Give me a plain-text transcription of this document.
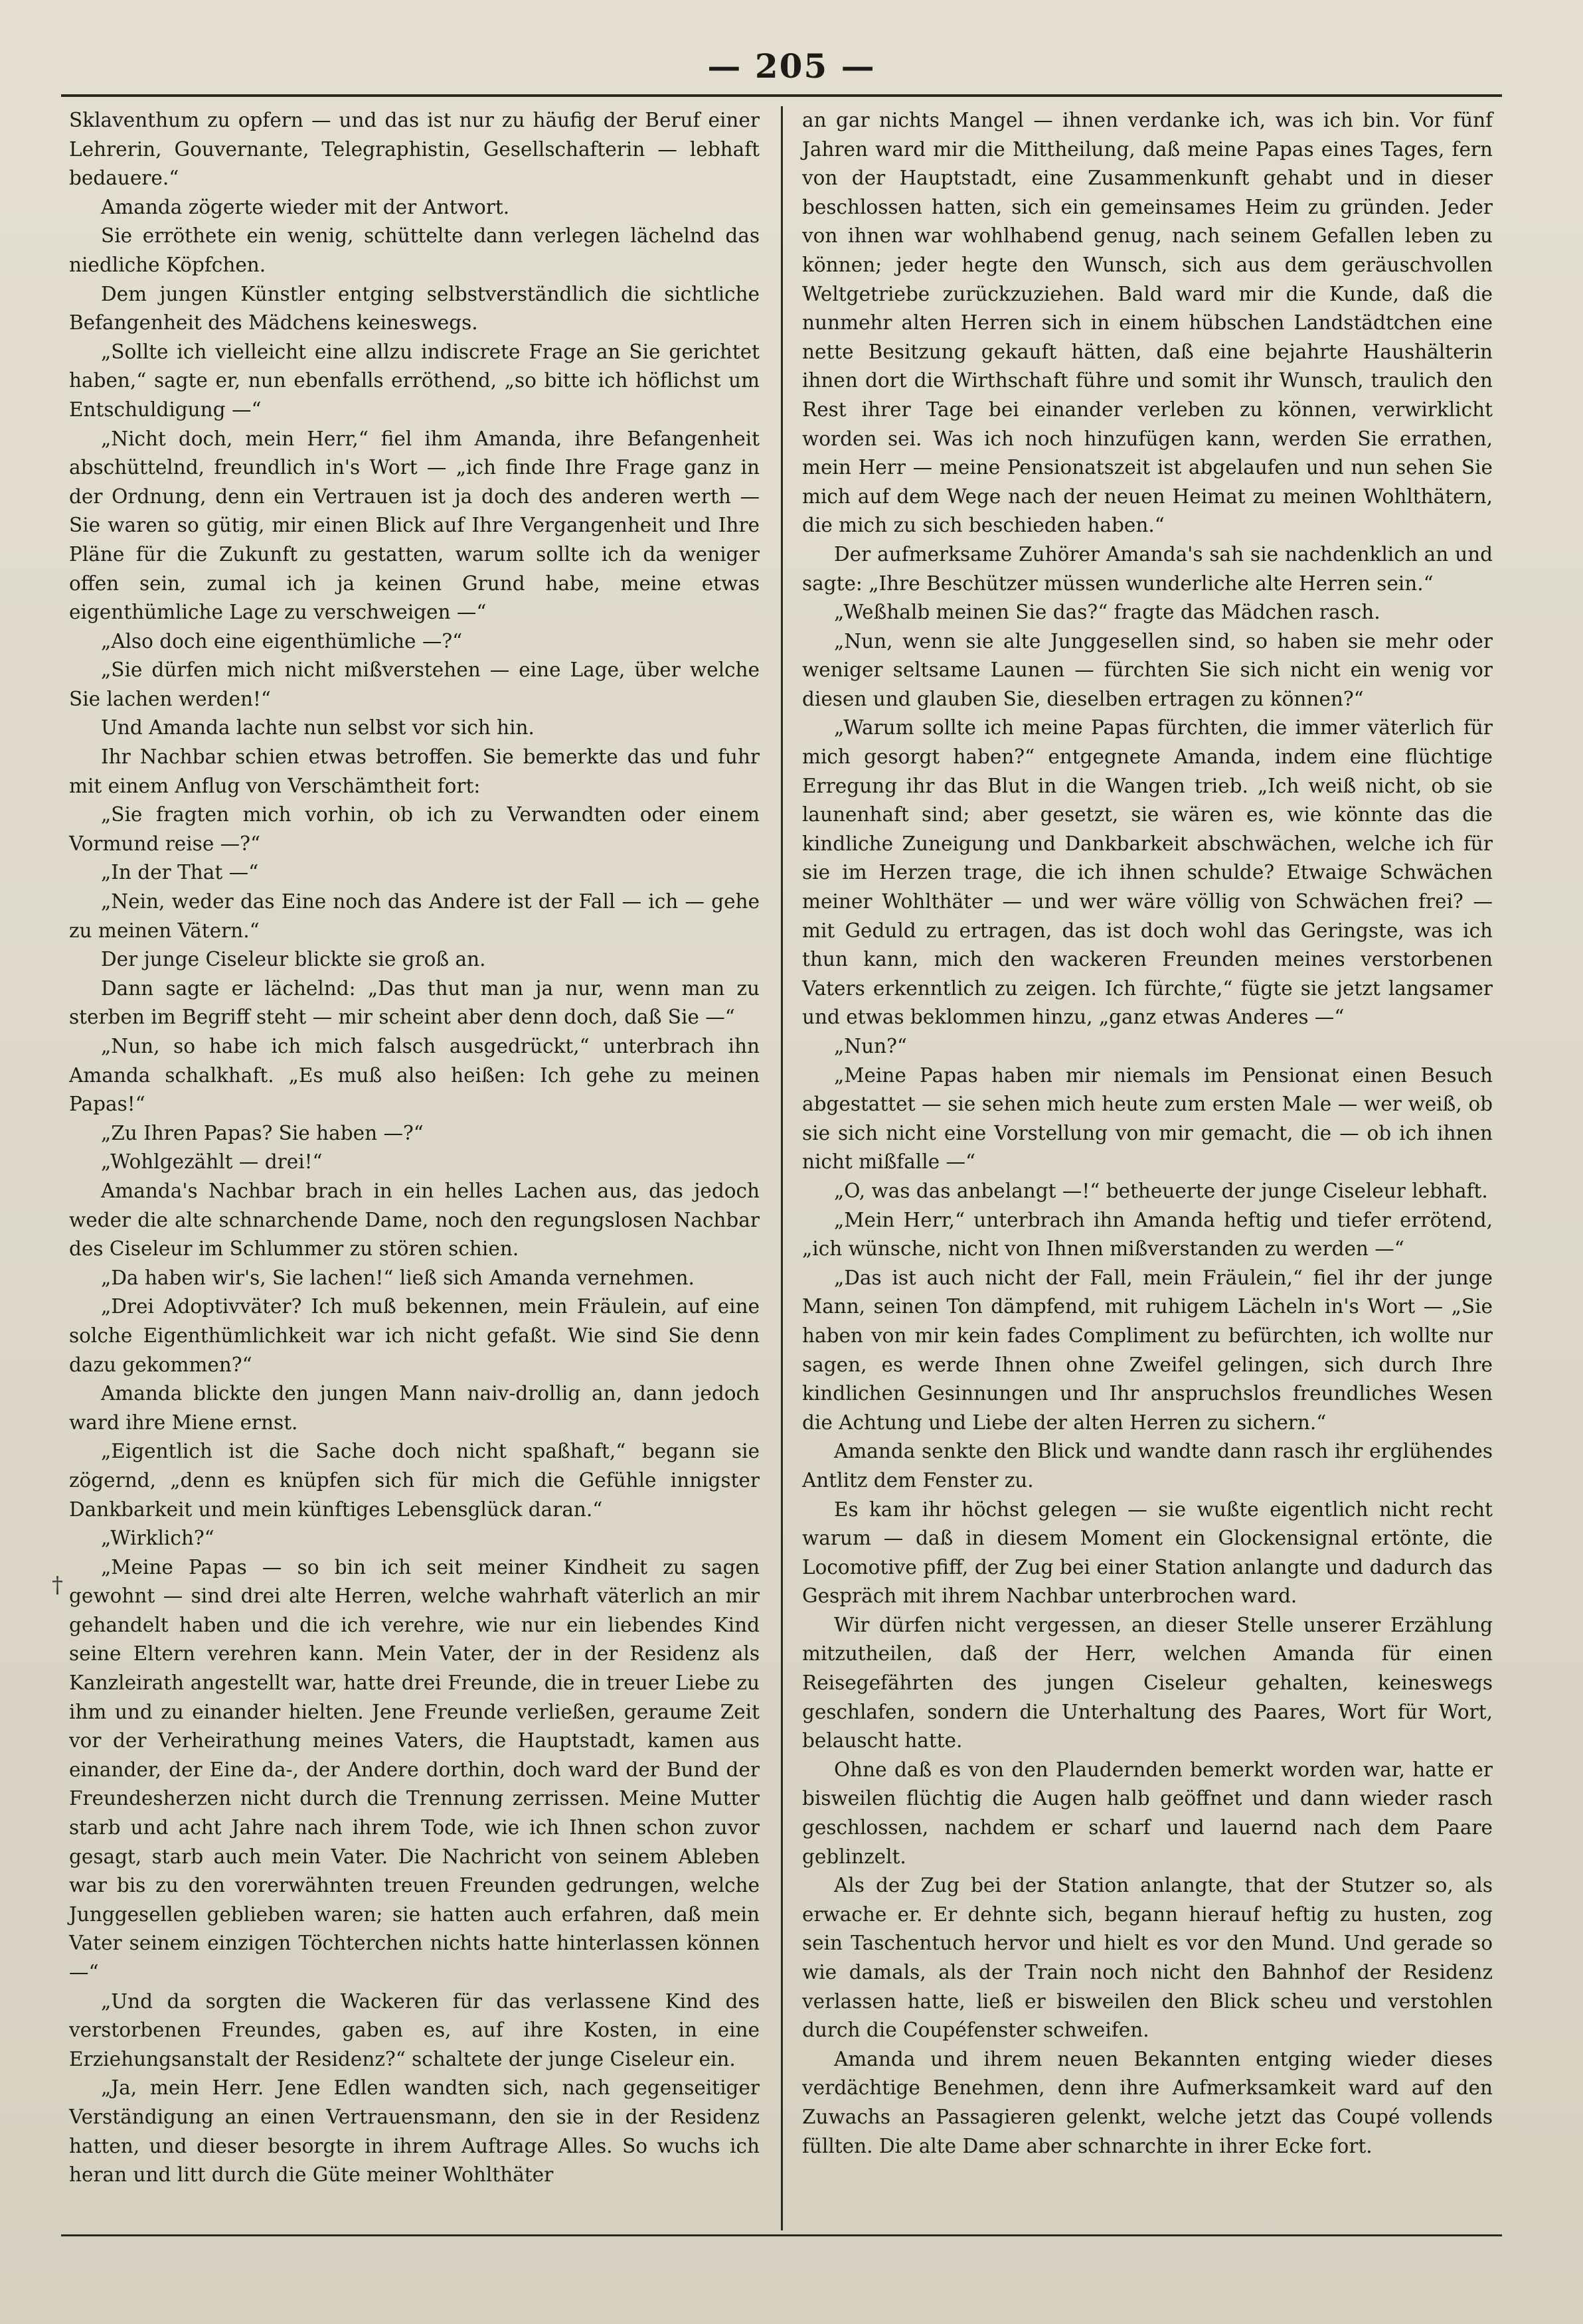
— 205 —
†

Sklaventhum zu opfern — und das ist nur zu häufig der Beruf einer Lehrerin, Gouvernante, Telegraphistin, Gesellschafterin — lebhaft bedauere.“

Amanda zögerte wieder mit der Antwort.

Sie erröthete ein wenig, schüttelte dann verlegen lächelnd das niedliche Köpfchen.

Dem jungen Künstler entging selbstverständlich die sichtliche Befangenheit des Mädchens keineswegs.

„Sollte ich vielleicht eine allzu indiscrete Frage an Sie gerichtet haben,“ sagte er, nun ebenfalls erröthend, „so bitte ich höflichst um Entschuldigung —“

„Nicht doch, mein Herr,“ fiel ihm Amanda, ihre Befangenheit abschüttelnd, freundlich in's Wort — „ich finde Ihre Frage ganz in der Ordnung, denn ein Vertrauen ist ja doch des anderen werth — Sie waren so gütig, mir einen Blick auf Ihre Vergangenheit und Ihre Pläne für die Zukunft zu gestatten, warum sollte ich da weniger offen sein, zumal ich ja keinen Grund habe, meine etwas eigenthümliche Lage zu verschweigen —“

„Also doch eine eigenthümliche —?“

„Sie dürfen mich nicht mißverstehen — eine Lage, über welche Sie lachen werden!“

Und Amanda lachte nun selbst vor sich hin.

Ihr Nachbar schien etwas betroffen. Sie bemerkte das und fuhr mit einem Anflug von Verschämtheit fort:

„Sie fragten mich vorhin, ob ich zu Verwandten oder einem Vormund reise —?“

„In der That —“

„Nein, weder das Eine noch das Andere ist der Fall — ich — gehe zu meinen Vätern.“

Der junge Ciseleur blickte sie groß an.

Dann sagte er lächelnd: „Das thut man ja nur, wenn man zu sterben im Begriff steht — mir scheint aber denn doch, daß Sie —“

„Nun, so habe ich mich falsch ausgedrückt,“ unterbrach ihn Amanda schalkhaft. „Es muß also heißen: Ich gehe zu meinen Papas!“

„Zu Ihren Papas? Sie haben —?“

„Wohlgezählt — drei!“

Amanda's Nachbar brach in ein helles Lachen aus, das jedoch weder die alte schnarchende Dame, noch den regungslosen Nachbar des Ciseleur im Schlummer zu stören schien.

„Da haben wir's, Sie lachen!“ ließ sich Amanda vernehmen.

„Drei Adoptivväter? Ich muß bekennen, mein Fräulein, auf eine solche Eigenthümlichkeit war ich nicht gefaßt. Wie sind Sie denn dazu gekommen?“

Amanda blickte den jungen Mann naiv-drollig an, dann jedoch ward ihre Miene ernst.

„Eigentlich ist die Sache doch nicht spaßhaft,“ begann sie zögernd, „denn es knüpfen sich für mich die Gefühle innigster Dankbarkeit und mein künftiges Lebensglück daran.“

„Wirklich?“

„Meine Papas — so bin ich seit meiner Kindheit zu sagen gewohnt — sind drei alte Herren, welche wahrhaft väterlich an mir gehandelt haben und die ich verehre, wie nur ein liebendes Kind seine Eltern verehren kann. Mein Vater, der in der Residenz als Kanzleirath angestellt war, hatte drei Freunde, die in treuer Liebe zu ihm und zu einander hielten. Jene Freunde verließen, geraume Zeit vor der Verheirathung meines Vaters, die Hauptstadt, kamen aus einander, der Eine da-, der Andere dorthin, doch ward der Bund der Freundesherzen nicht durch die Trennung zerrissen. Meine Mutter starb und acht Jahre nach ihrem Tode, wie ich Ihnen schon zuvor gesagt, starb auch mein Vater. Die Nachricht von seinem Ableben war bis zu den vorerwähnten treuen Freunden gedrungen, welche Junggesellen geblieben waren; sie hatten auch erfahren, daß mein Vater seinem einzigen Töchterchen nichts hatte hinterlassen können —“

„Und da sorgten die Wackeren für das verlassene Kind des verstorbenen Freundes, gaben es, auf ihre Kosten, in eine Erziehungsanstalt der Residenz?“ schaltete der junge Ciseleur ein.

„Ja, mein Herr. Jene Edlen wandten sich, nach gegenseitiger Verständigung an einen Vertrauensmann, den sie in der Residenz hatten, und dieser besorgte in ihrem Auftrage Alles. So wuchs ich heran und litt durch die Güte meiner Wohlthäter

an gar nichts Mangel — ihnen verdanke ich, was ich bin. Vor fünf Jahren ward mir die Mittheilung, daß meine Papas eines Tages, fern von der Hauptstadt, eine Zusammenkunft gehabt und in dieser beschlossen hatten, sich ein gemeinsames Heim zu gründen. Jeder von ihnen war wohlhabend genug, nach seinem Gefallen leben zu können; jeder hegte den Wunsch, sich aus dem geräuschvollen Weltgetriebe zurückzuziehen. Bald ward mir die Kunde, daß die nunmehr alten Herren sich in einem hübschen Landstädtchen eine nette Besitzung gekauft hätten, daß eine bejahrte Haushälterin ihnen dort die Wirthschaft führe und somit ihr Wunsch, traulich den Rest ihrer Tage bei einander verleben zu können, verwirklicht worden sei. Was ich noch hinzufügen kann, werden Sie errathen, mein Herr — meine Pensionatszeit ist abgelaufen und nun sehen Sie mich auf dem Wege nach der neuen Heimat zu meinen Wohlthätern, die mich zu sich beschieden haben.“

Der aufmerksame Zuhörer Amanda's sah sie nachdenklich an und sagte: „Ihre Beschützer müssen wunderliche alte Herren sein.“

„Weßhalb meinen Sie das?“ fragte das Mädchen rasch.

„Nun, wenn sie alte Junggesellen sind, so haben sie mehr oder weniger seltsame Launen — fürchten Sie sich nicht ein wenig vor diesen und glauben Sie, dieselben ertragen zu können?“

„Warum sollte ich meine Papas fürchten, die immer väterlich für mich gesorgt haben?“ entgegnete Amanda, indem eine flüchtige Erregung ihr das Blut in die Wangen trieb. „Ich weiß nicht, ob sie launenhaft sind; aber gesetzt, sie wären es, wie könnte das die kindliche Zuneigung und Dankbarkeit abschwächen, welche ich für sie im Herzen trage, die ich ihnen schulde? Etwaige Schwächen meiner Wohlthäter — und wer wäre völlig von Schwächen frei? — mit Geduld zu ertragen, das ist doch wohl das Geringste, was ich thun kann, mich den wackeren Freunden meines verstorbenen Vaters erkenntlich zu zeigen. Ich fürchte,“ fügte sie jetzt langsamer und etwas beklommen hinzu, „ganz etwas Anderes —“

„Nun?“

„Meine Papas haben mir niemals im Pensionat einen Besuch abgestattet — sie sehen mich heute zum ersten Male — wer weiß, ob sie sich nicht eine Vorstellung von mir gemacht, die — ob ich ihnen nicht mißfalle —“

„O, was das anbelangt —!“ betheuerte der junge Ciseleur lebhaft.

„Mein Herr,“ unterbrach ihn Amanda heftig und tiefer errötend, „ich wünsche, nicht von Ihnen mißverstanden zu werden —“

„Das ist auch nicht der Fall, mein Fräulein,“ fiel ihr der junge Mann, seinen Ton dämpfend, mit ruhigem Lächeln in's Wort — „Sie haben von mir kein fades Compliment zu befürchten, ich wollte nur sagen, es werde Ihnen ohne Zweifel gelingen, sich durch Ihre kindlichen Gesinnungen und Ihr anspruchslos freundliches Wesen die Achtung und Liebe der alten Herren zu sichern.“

Amanda senkte den Blick und wandte dann rasch ihr erglühendes Antlitz dem Fenster zu.

Es kam ihr höchst gelegen — sie wußte eigentlich nicht recht warum — daß in diesem Moment ein Glockensignal ertönte, die Locomotive pfiff, der Zug bei einer Station anlangte und dadurch das Gespräch mit ihrem Nachbar unterbrochen ward.

Wir dürfen nicht vergessen, an dieser Stelle unserer Erzählung mitzutheilen, daß der Herr, welchen Amanda für einen Reisegefährten des jungen Ciseleur gehalten, keineswegs geschlafen, sondern die Unterhaltung des Paares, Wort für Wort, belauscht hatte.

Ohne daß es von den Plaudernden bemerkt worden war, hatte er bisweilen flüchtig die Augen halb geöffnet und dann wieder rasch geschlossen, nachdem er scharf und lauernd nach dem Paare geblinzelt.

Als der Zug bei der Station anlangte, that der Stutzer so, als erwache er. Er dehnte sich, begann hierauf heftig zu husten, zog sein Taschentuch hervor und hielt es vor den Mund. Und gerade so wie damals, als der Train noch nicht den Bahnhof der Residenz verlassen hatte, ließ er bisweilen den Blick scheu und verstohlen durch die Coupéfenster schweifen.

Amanda und ihrem neuen Bekannten entging wieder dieses verdächtige Benehmen, denn ihre Aufmerksamkeit ward auf den Zuwachs an Passagieren gelenkt, welche jetzt das Coupé vollends füllten. Die alte Dame aber schnarchte in ihrer Ecke fort.
